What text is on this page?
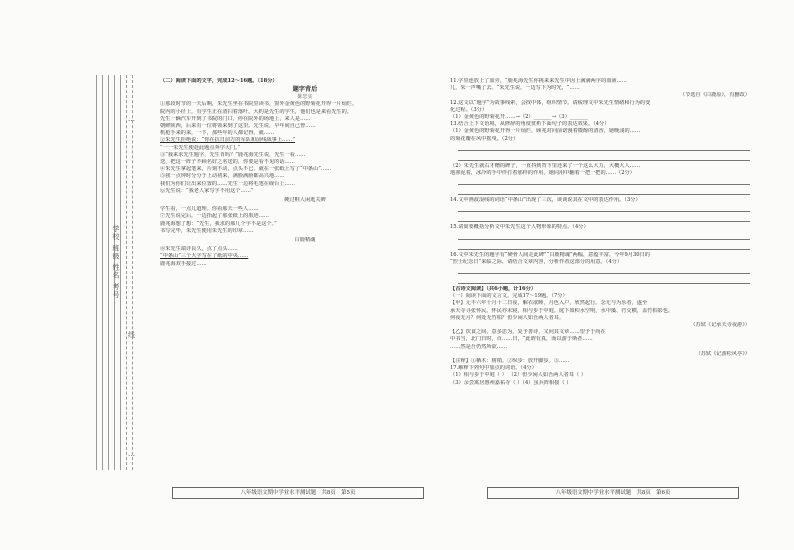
学校 班级 姓名 考号
…
线
…
（二）阅读下面的文字，完成12～16题。（18分）
题字背后
陈忠实
①那段时节的一天后晌，朱先生坐在书院里读书，窗外金黄色的野菊花开得一片灿烂。
院内的小径上，有学生正在清扫着落叶。大约是先生的学生，他们也是来看先生的。
先生一辆汽车开到了书院的门口，停在院外的场地上，来人是……
朝鲜陕西，后来有一位将领来到了这里。先生说，早年间自己曾……
机枪手来的来，一下，那些年的人都记得，就……
②朱先生拒绝说：“你在抗日前方的军队和前线战事上……”
“一一朱先生便赴此题点奔学大门。”
③“我来求先生题字，先生肯吗？”鹿兆海先生说，先生一看……
送，把这一阵子不顾名好之名送的，你要是看不见的话……
④朱先生拿起笔来，片刻不动，点头不已，就在一张纸上写了“中条山”……
⑤我一点钟时分分于上动初来，满脸满脸都高兴地……
我们为你们让出来位置的……先生一边将毛笔在砚台上……
⑥先生说：“我老人家写字不用这个……”
硬过鞋人闲逛关碑
学生看，一点儿道理。你看那天一些人……
⑦先生说完后，一边抬起了那张纸上的墨迹……
鹿兆海想了想：“先生，我求的那几个字不是这个。”
书写完毕，朱先生便用朱先生的印章……
白鹿精魂
⑧朱先生端详良久，点了点头……
“中条山”三个大字写在了纸的中央……
鹿兆海双手接过……
11.字里连放上了血旁，“鹿兆海先生你挑来来先生中因上满满两字的血液……
几，朱一声嘴了去。“朱先生说。一边写下为时光，“……
（节选自《白鹿原》，有删改）
12.这文以“题字”为故事线索，会找中体，组织情节。请梳理文中朱先生情绪和行为的变
化过程。（3分）
（1）金黄色的野菊花开……→（2）_______→（3）_______
13.结合上下文语境，从修辞的角度赏析下面句子的表达效果。（4分）
（1）金黄色的野菊花开得一片灿烂，顾兆对问前诺漫着微醇的清香，她晚浅的……
的菊花瓣在风中摇曳。（2分）
（2）朱先生就右才赠的碑子，一直抖到背下里还来了一个这么大力，大概大人……
地渗泥着，冰冷的手中伴打着那样的作用，她同用中翻着一把一把的……（2分）
14.文中画波浪线的词语“中条山”出现了三次，谈谈说其在文中的表达作用。（3分）
15.请简要概括分析文中朱先生这个人物形象的特点。（4分）
16.文中朱先生的题字有“硬骨人间走此碑”“白鹿精魂”两幅，意蕴丰富。今年9月30日的
“烈士纪念日”来临之际，请结合文章内容，分析作者这部分的用意。（4分）
【古诗文阅读】（共6小题，计16分）
（一）阅读下面的文言文，完成17～19题。（7分）
【甲】元丰六年十月十二日夜，解衣欲睡，月色入户，欣然起行。念无与为乐者，遂至
承天寺寻张怀民。怀民亦未寝，相与步于中庭。庭下如积水空明，水中藻、荇交横，盖竹柏影也。
何夜无月？何处无竹柏？但少闲人如吾两人者耳。
（苏轼《记承天寺夜游》）
【乙】饮食之间，意多思为，复予善诗，又问其文章……望予于尚在
中书当，北门日时，百……曰，“此谓有真，而以游于斯者……
……然是吾仍然所欲……
（苏轼《记游松风亭》）
【注释】①栖木：树梢。②纵步：放开脚步。③……
17.解释下列句中加点的词语。（4分）
（1）相与步于中庭（ ） （2）但少闲人如吾两人者耳（ ）
（3）余尝寓居惠州嘉祐寺（ ）（4）虽兵阵相接（ ）
八年级语文期中学业水平测试题　共8页　第5页	八年级语文期中学业水平测试题　共8页　第6页
